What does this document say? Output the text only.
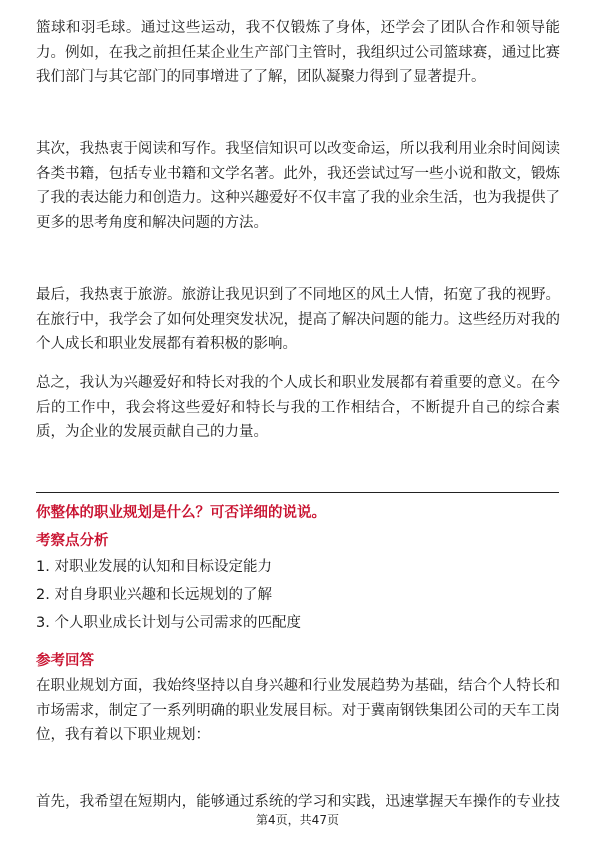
篮球和羽毛球。通过这些运动，我不仅锻炼了身体，还学会了团队合作和领导能
力。例如，在我之前担任某企业生产部门主管时，我组织过公司篮球赛，通过比赛
我们部门与其它部门的同事增进了了解，团队凝聚力得到了显著提升。

其次，我热衷于阅读和写作。我坚信知识可以改变命运，所以我利用业余时间阅读
各类书籍，包括专业书籍和文学名著。此外，我还尝试过写一些小说和散文，锻炼
了我的表达能力和创造力。这种兴趣爱好不仅丰富了我的业余生活，也为我提供了
更多的思考角度和解决问题的方法。

最后，我热衷于旅游。旅游让我见识到了不同地区的风土人情，拓宽了我的视野。
在旅行中，我学会了如何处理突发状况，提高了解决问题的能力。这些经历对我的
个人成长和职业发展都有着积极的影响。

总之，我认为兴趣爱好和特长对我的个人成长和职业发展都有着重要的意义。在今
后的工作中，我会将这些爱好和特长与我的工作相结合，不断提升自己的综合素
质，为企业的发展贡献自己的力量。

你整体的职业规划是什么？可否详细的说说。
考察点分析
1. 对职业发展的认知和目标设定能力
2. 对自身职业兴趣和长远规划的了解
3. 个人职业成长计划与公司需求的匹配度
参考回答

在职业规划方面，我始终坚持以自身兴趣和行业发展趋势为基础，结合个人特长和
市场需求，制定了一系列明确的职业发展目标。对于冀南钢铁集团公司的天车工岗
位，我有着以下职业规划：

首先，我希望在短期内，能够通过系统的学习和实践，迅速掌握天车操作的专业技

第4页，共47页
